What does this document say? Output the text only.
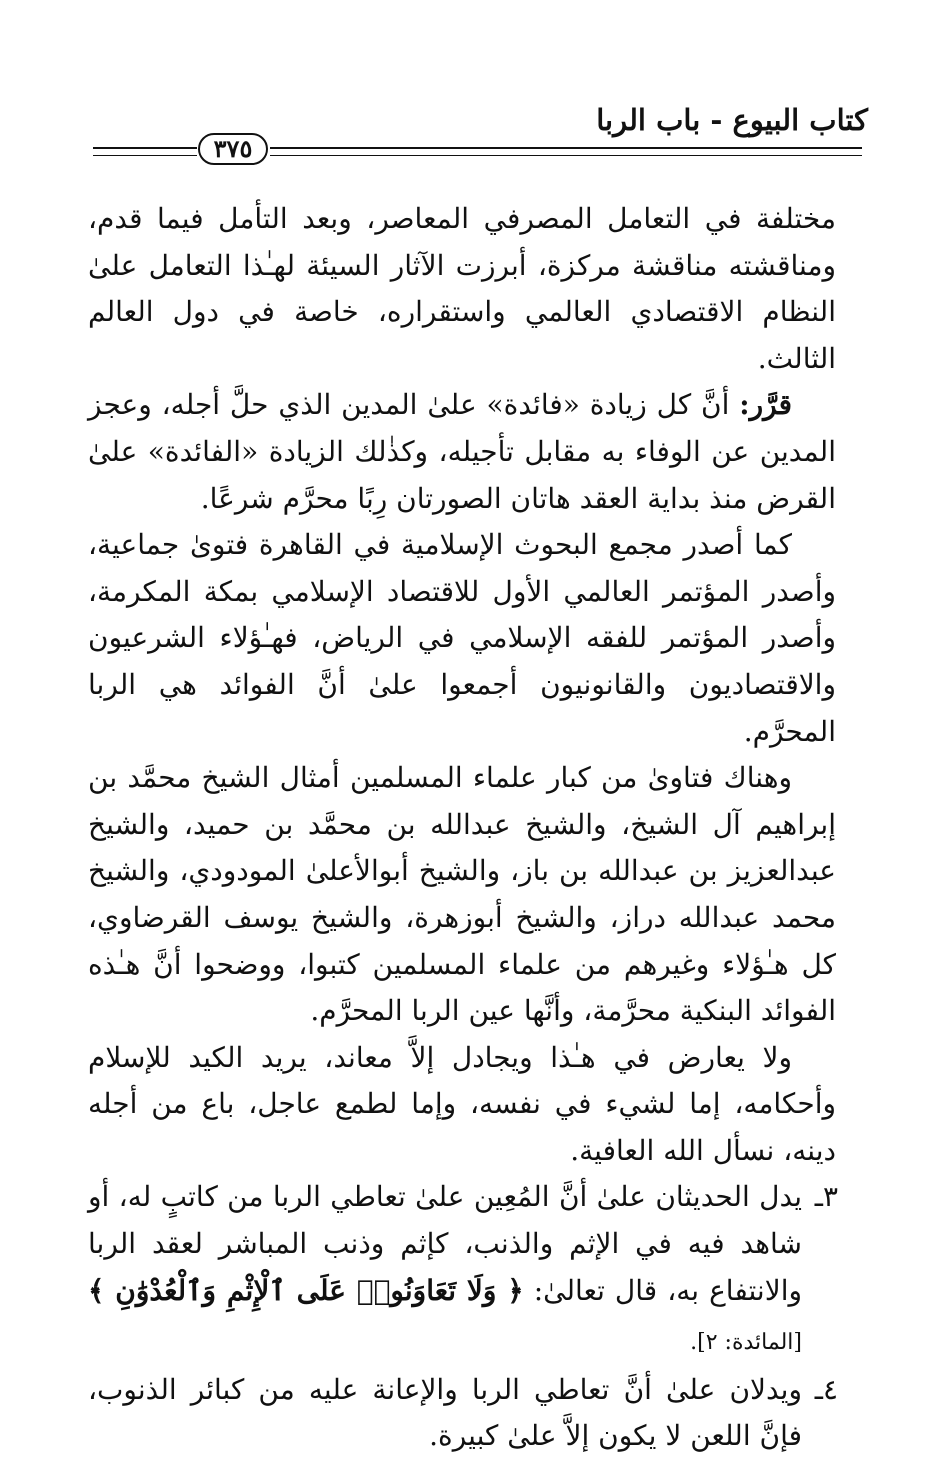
كتاب البيوع - باب الربا
٣٧٥

مختلفة في التعامل المصرفي المعاصر، وبعد التأمل فيما قدم، ومناقشته مناقشة مركزة، أبرزت الآثار السيئة لهـٰذا التعامل علىٰ النظام الاقتصادي العالمي واستقراره، خاصة في دول العالم الثالث.

قرَّر: أنَّ كل زيادة «فائدة» علىٰ المدين الذي حلَّ أجله، وعجز المدين عن الوفاء به مقابل تأجيله، وكذٰلك الزيادة «الفائدة» علىٰ القرض منذ بداية العقد هاتان الصورتان رِبًا محرَّم شرعًا.

كما أصدر مجمع البحوث الإسلامية في القاهرة فتوىٰ جماعية، وأصدر المؤتمر العالمي الأول للاقتصاد الإسلامي بمكة المكرمة، وأصدر المؤتمر للفقه الإسلامي في الرياض، فهـٰؤلاء الشرعيون والاقتصاديون والقانونيون أجمعوا علىٰ أنَّ الفوائد هي الربا المحرَّم.

وهناك فتاوىٰ من كبار علماء المسلمين أمثال الشيخ محمَّد بن إبراهيم آل الشيخ، والشيخ عبدالله بن محمَّد بن حميد، والشيخ عبدالعزيز بن عبدالله بن باز، والشيخ أبوالأعلىٰ المودودي، والشيخ محمد عبدالله دراز، والشيخ أبوزهرة، والشيخ يوسف القرضاوي، كل هـٰؤلاء وغيرهم من علماء المسلمين كتبوا، ووضحوا أنَّ هـٰذه الفوائد البنكية محرَّمة، وأنَّها عين الربا المحرَّم.

ولا يعارض في هـٰذا ويجادل إلاَّ معاند، يريد الكيد للإسلام وأحكامه، إما لشيء في نفسه، وإما لطمع عاجل، باع من أجله دينه، نسأل الله العافية.

٣ـ
يدل الحديثان علىٰ أنَّ المُعِين علىٰ تعاطي الربا من كاتبٍ له، أو شاهد فيه في الإثم والذنب، كإثم وذنب المباشر لعقد الربا والانتفاع به، قال تعالىٰ: ﴿ وَلَا تَعَاوَنُوا۟ عَلَى ٱلْإِثْمِ وَٱلْعُدْوَٰنِ ﴾ [المائدة: ٢].

٤ـ
ويدلان علىٰ أنَّ تعاطي الربا والإعانة عليه من كبائر الذنوب، فإنَّ اللعن لا يكون إلاَّ علىٰ كبيرة.
